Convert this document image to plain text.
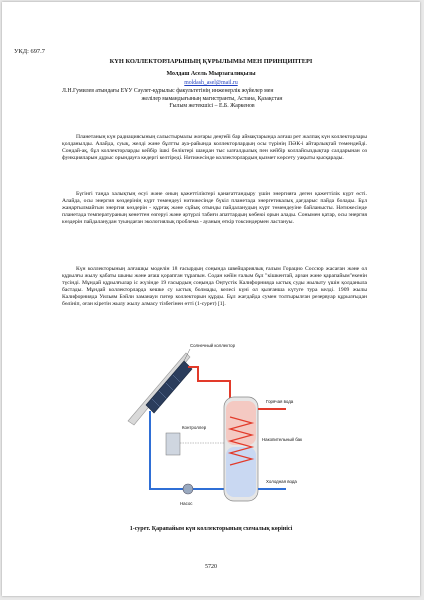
УКД: 697.7
КҮН КОЛЛЕКТОРЛАРЫНЫҢ ҚҰРЫЛЫМЫ МЕН ПРИНЦИПТЕРІ
Молдаш Асель Мырзагалиқызы
moldash_asel@mail.ru
Л.Н.Гумилев атындағы ЕҰУ Сәулет-құрылыс факультетінің инженерлік жүйелер мен
желілер мамандығының магистранты, Астана, Қазақстан
Ғылым жетекшісі – Е.Б. Жаркенов
Планетаның күн радиациясының салыстырмалы жоғары деңгейі бар аймақтарында алғаш рет жалпақ күн коллекторлары қолданылды. Алайда, суық, желді және бұлтты ауа-райында коллекторлардың осы түрінің ПӘК-і айтарлықтай төмендейді. Сондай-ақ, бұл коллекторларды кейбір ішкі бөліктері шаңдан тыс ылғалдылық пен кейбір коллайсыздықтар салдарынан оз функцияларын дұрыс орындауға кедергі келтіреді. Нәтижесінде коллекторлардың қызмет көрсету уақыты қысқарады.
Бүгінгі таңда халықтың өсуі және оның қажеттіліктері қанағаттандыру үшін энергияға деген қажеттілік күрт өсті. Алайда, осы энергия көздерінің күрт төмендеуі нәтижесінде бүкіл планетада энергетикалық дағдарыс пайда болады. Бұл жаңартылмайтын энергия көздерін - құрғақ және сұйық отынды пайдаланудың күрт төмендеуіне байланысты. Нәтижесінде планетада температураның кенеттен өзгеруі және әртүрлі табиғи апаттардың көбеюі орын алады. Сонымен қатар, осы энергия көздерін пайдаланудан туындаған экологиялық проблема - ауаның өткір токсиндермен ластануы.
Күн коллекторының алғашқы моделін 18 ғасырдың соңында швейцариялық ғалым Горацио Соссюр жасаған және ол құрылғы жылу қабаты шыны және ағаш қорапган тұрапын. Содан кейін ғалым бұл "кішкентай, арзан және қарапайым"екенін түсінді. Мұндай құрылғылар іс жүзінде 19 ғасырдың соңында Оңтүстік Калифорнияда ыстық суды жылыту үшін қолданыла бастады. Мұндай коллекторларда кешке су ыстық болмады, келесі күні ол қызғанша күтуге тура келді. 1909 жылы Калифорнияда Уильям Бэйли заманауи пәтер коллекторын құрды. Бұл жағдайда сумен толтырылған резервуар құрылғыдан бөлініп, оған кіретін жылу жылу алмасу тізбегінен өтті (1-сурет) [1].
Солнечный коллектор
Контроллер
Накопительный бак
Горячая вода
Холодная вода
Насос
1-сурет. Қарапайым күн коллекторының схемалық көрінісі
5720
